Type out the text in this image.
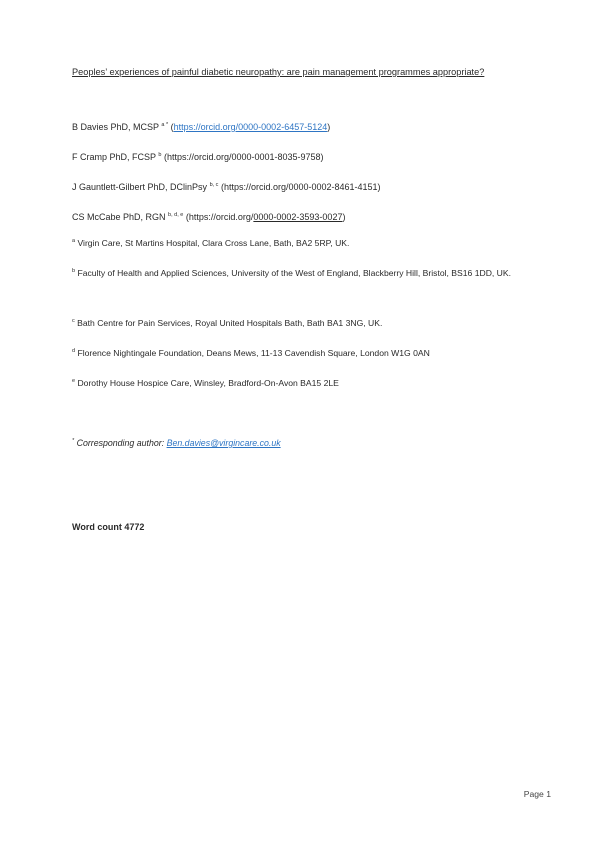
Peoples’ experiences of painful diabetic neuropathy: are pain management programmes appropriate?
B Davies PhD, MCSP $^{a *}$ (https://orcid.org/0000-0002-6457-5124)
F Cramp PhD, FCSP $^b$ (https://orcid.org/0000-0001-8035-9758)
J Gauntlett-Gilbert PhD, DClinPsy $^{b, c}$ (https://orcid.org/0000-0002-8461-4151)
CS McCabe PhD, RGN $^{b, d, e}$ (https://orcid.org/0000-0002-3593-0027)
$^a$ Virgin Care, St Martins Hospital, Clara Cross Lane, Bath, BA2 5RP, UK.
$^b$ Faculty of Health and Applied Sciences, University of the West of England, Blackberry Hill, Bristol, BS16 1DD, UK.
$^c$ Bath Centre for Pain Services, Royal United Hospitals Bath, Bath BA1 3NG, UK.
$^d$ Florence Nightingale Foundation, Deans Mews, 11-13 Cavendish Square, London W1G 0AN
$^e$ Dorothy House Hospice Care, Winsley, Bradford-On-Avon BA15 2LE
* Corresponding author: Ben.davies@virgincare.co.uk
Word count 4772
Page 1
